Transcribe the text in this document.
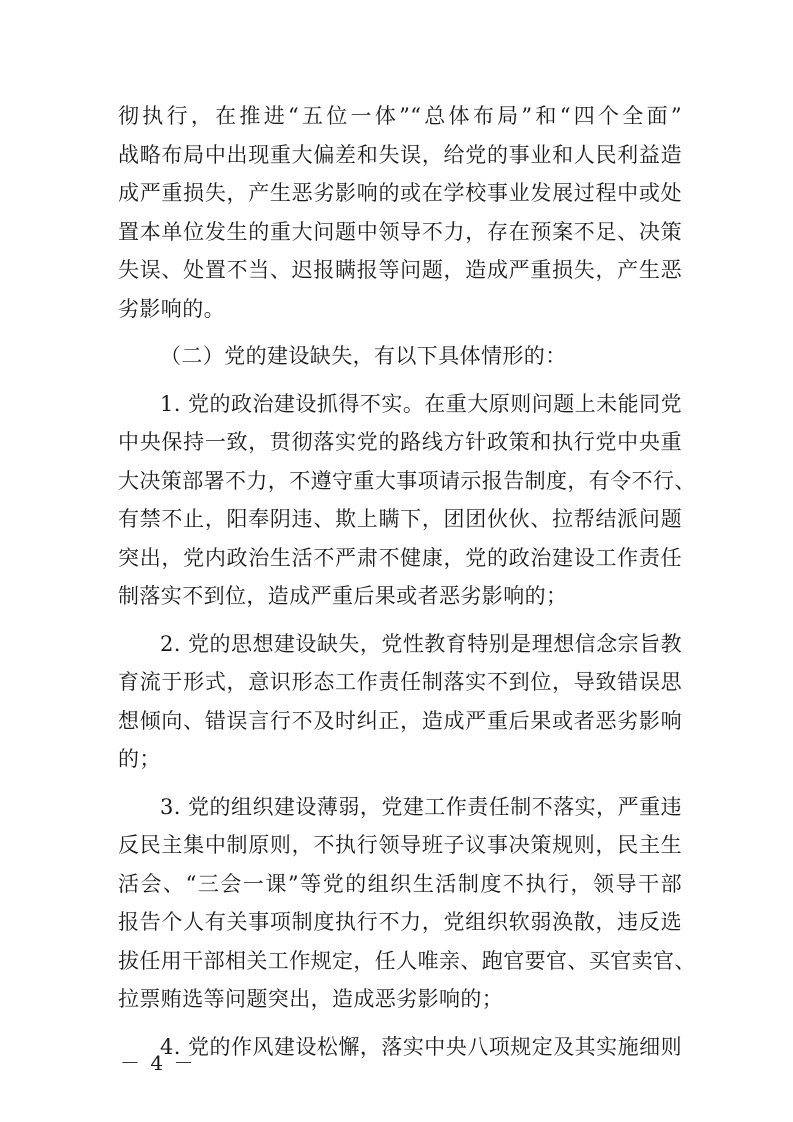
彻执行，在推进“五位一体”“总体布局”和“四个全面”
战略布局中出现重大偏差和失误，给党的事业和人民利益造
成严重损失，产生恶劣影响的或在学校事业发展过程中或处
置本单位发生的重大问题中领导不力，存在预案不足、决策
失误、处置不当、迟报瞒报等问题，造成严重损失，产生恶
劣影响的。

（二）党的建设缺失，有以下具体情形的：

1. 党的政治建设抓得不实。在重大原则问题上未能同党
中央保持一致，贯彻落实党的路线方针政策和执行党中央重
大决策部署不力，不遵守重大事项请示报告制度，有令不行、
有禁不止，阳奉阴违、欺上瞒下，团团伙伙、拉帮结派问题
突出，党内政治生活不严肃不健康，党的政治建设工作责任
制落实不到位，造成严重后果或者恶劣影响的；

2. 党的思想建设缺失，党性教育特别是理想信念宗旨教
育流于形式，意识形态工作责任制落实不到位，导致错误思
想倾向、错误言行不及时纠正，造成严重后果或者恶劣影响
的；

3. 党的组织建设薄弱，党建工作责任制不落实，严重违
反民主集中制原则，不执行领导班子议事决策规则，民主生
活会、“三会一课”等党的组织生活制度不执行，领导干部
报告个人有关事项制度执行不力，党组织软弱涣散，违反选
拔任用干部相关工作规定，任人唯亲、跑官要官、买官卖官、
拉票贿选等问题突出，造成恶劣影响的；

4. 党的作风建设松懈，落实中央八项规定及其实施细则

－ 4 －
